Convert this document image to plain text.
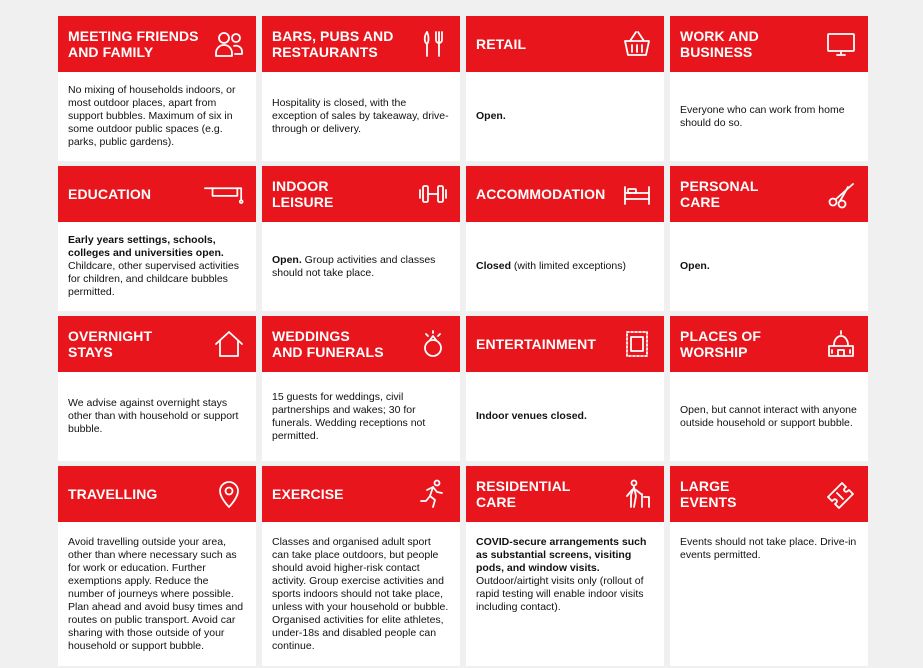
MEETING FRIENDS
AND FAMILY

No mixing of households indoors, or most outdoor places, apart from support bubbles. Maximum of six in some outdoor public spaces (e.g. parks, public gardens).

BARS, PUBS AND
RESTAURANTS

Hospitality is closed, with the exception of sales by takeaway, drive-through or delivery.

RETAIL

Open.

WORK AND
BUSINESS

Everyone who can work from home should do so.

EDUCATION

Early years settings, schools, colleges and universities open. Childcare, other supervised activities for children, and childcare bubbles permitted.

INDOOR
LEISURE

Open. Group activities and classes should not take place.

ACCOMMODATION

Closed (with limited exceptions)

PERSONAL
CARE

Open.

OVERNIGHT
STAYS

We advise against overnight stays other than with household or support bubble.

WEDDINGS
AND FUNERALS

15 guests for weddings, civil partnerships and wakes; 30 for funerals. Wedding receptions not permitted.

ENTERTAINMENT

Indoor venues closed.

PLACES OF
WORSHIP

Open, but cannot interact with anyone outside household or support bubble.

TRAVELLING

Avoid travelling outside your area, other than where necessary such as for work or education. Further exemptions apply. Reduce the number of journeys where possible. Plan ahead and avoid busy times and routes on public transport. Avoid car sharing with those outside of your household or support bubble.

EXERCISE

Classes and organised adult sport can take place outdoors, but people should avoid higher-risk contact activity. Group exercise activities and sports indoors should not take place, unless with your household or bubble. Organised activities for elite athletes, under-18s and disabled people can continue.

RESIDENTIAL
CARE

COVID-secure arrangements such as substantial screens, visiting pods, and window visits. Outdoor/airtight visits only (rollout of rapid testing will enable indoor visits including contact).

LARGE
EVENTS

Events should not take place. Drive-in events permitted.
